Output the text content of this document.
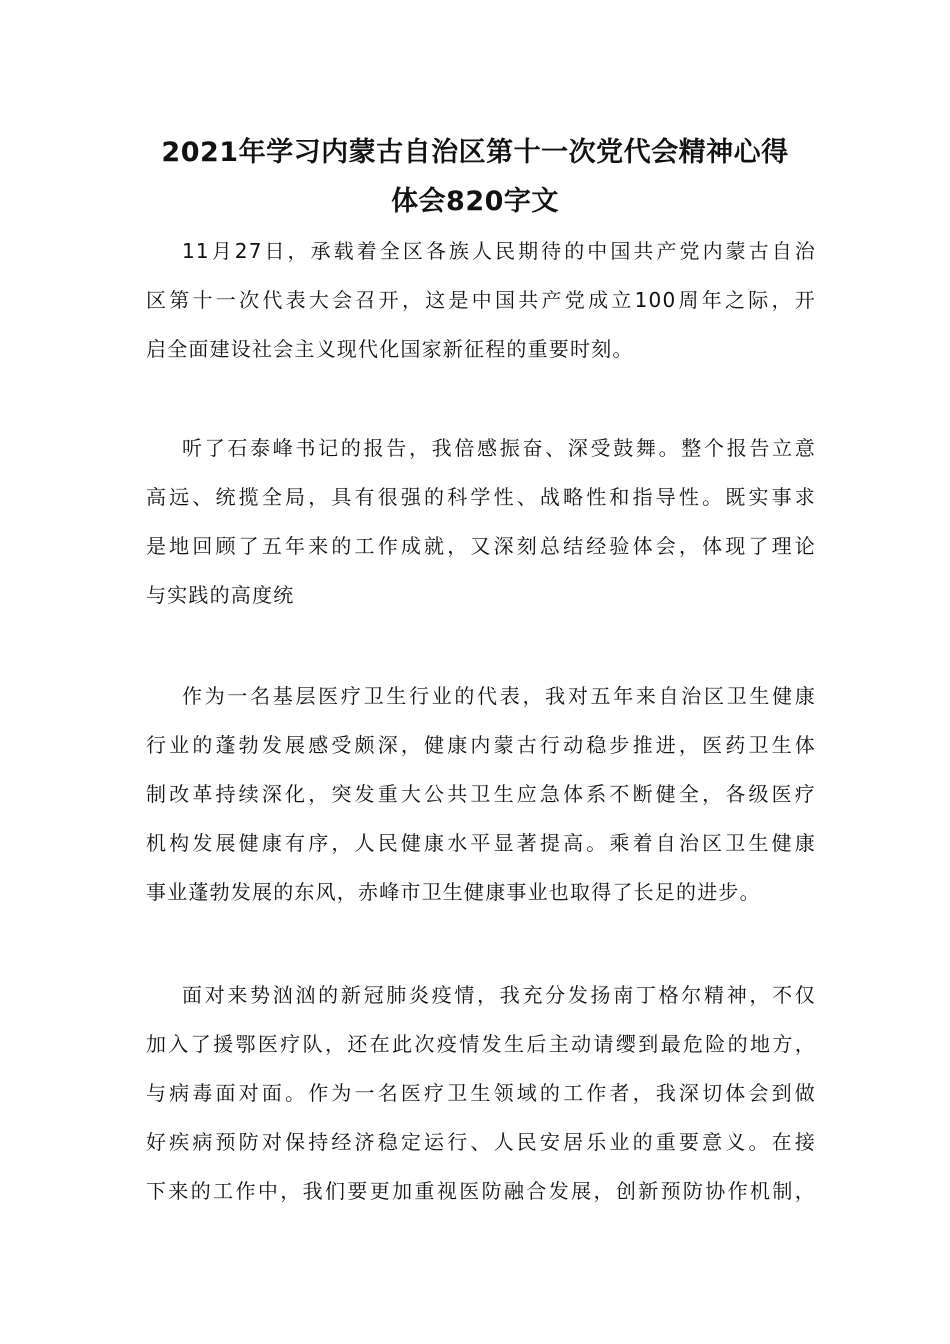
2021年学习内蒙古自治区第十一次党代会精神心得
体会820字文
11月27日，承载着全区各族人民期待的中国共产党内蒙古自治
区第十一次代表大会召开，这是中国共产党成立100周年之际，开
启全面建设社会主义现代化国家新征程的重要时刻。
听了石泰峰书记的报告，我倍感振奋、深受鼓舞。整个报告立意
高远、统揽全局，具有很强的科学性、战略性和指导性。既实事求
是地回顾了五年来的工作成就，又深刻总结经验体会，体现了理论
与实践的高度统
作为一名基层医疗卫生行业的代表，我对五年来自治区卫生健康
行业的蓬勃发展感受颇深，健康内蒙古行动稳步推进，医药卫生体
制改革持续深化，突发重大公共卫生应急体系不断健全，各级医疗
机构发展健康有序，人民健康水平显著提高。乘着自治区卫生健康
事业蓬勃发展的东风，赤峰市卫生健康事业也取得了长足的进步。
面对来势汹汹的新冠肺炎疫情，我充分发扬南丁格尔精神，不仅
加入了援鄂医疗队，还在此次疫情发生后主动请缨到最危险的地方，
与病毒面对面。作为一名医疗卫生领域的工作者，我深切体会到做
好疾病预防对保持经济稳定运行、人民安居乐业的重要意义。在接
下来的工作中，我们要更加重视医防融合发展，创新预防协作机制，
